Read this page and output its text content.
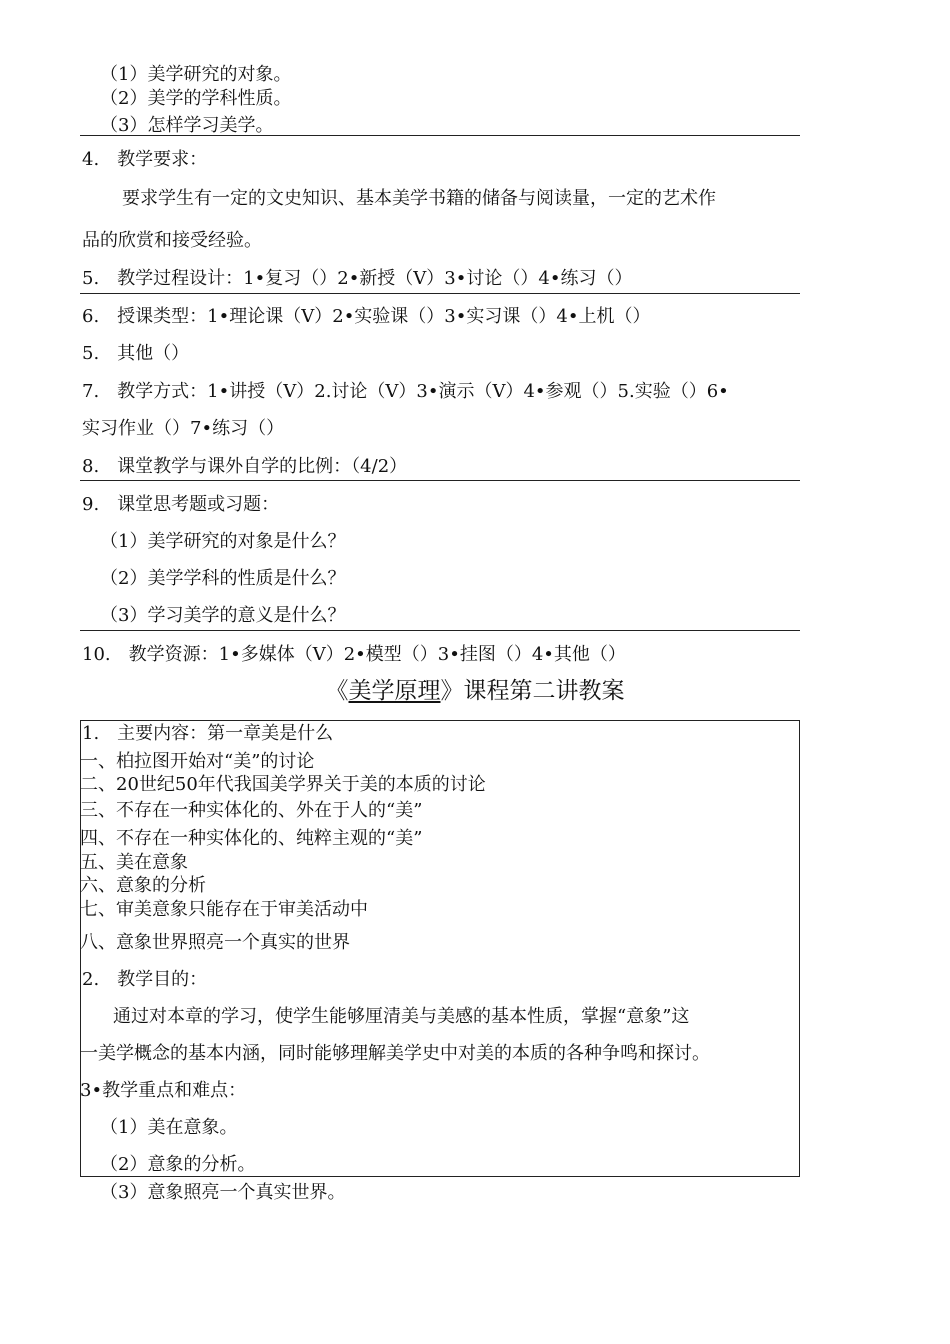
（1）美学研究的对象。
（2）美学的学科性质。
（3）怎样学习美学。
4.　教学要求：
要求学生有一定的文史知识、基本美学书籍的储备与阅读量，一定的艺术作
品的欣赏和接受经验。
5.　教学过程设计：1•复习（）2•新授（V）3•讨论（）4•练习（）
6.　授课类型：1•理论课（V）2•实验课（）3•实习课（）4•上机（）
5.　其他（）
7.　教学方式：1•讲授（V）2.讨论（V）3•演示（V）4•参观（）5.实验（）6•
实习作业（）7•练习（）
8.　课堂教学与课外自学的比例：（4/2）
9.　课堂思考题或习题：
（1）美学研究的对象是什么？
（2）美学学科的性质是什么？
（3）学习美学的意义是什么？
10.　教学资源：1•多媒体（V）2•模型（）3•挂图（）4•其他（）
《美学原理》课程第二讲教案
1.　主要内容：第一章美是什么
一、柏拉图开始对“美”的讨论
二、20世纪50年代我国美学界关于美的本质的讨论
三、不存在一种实体化的、外在于人的“美”
四、不存在一种实体化的、纯粹主观的“美”
五、美在意象
六、意象的分析
七、审美意象只能存在于审美活动中
八、意象世界照亮一个真实的世界
2.　教学目的：
通过对本章的学习，使学生能够厘清美与美感的基本性质，掌握“意象”这
一美学概念的基本内涵，同时能够理解美学史中对美的本质的各种争鸣和探讨。
3•教学重点和难点：
（1）美在意象。
（2）意象的分析。
（3）意象照亮一个真实世界。
